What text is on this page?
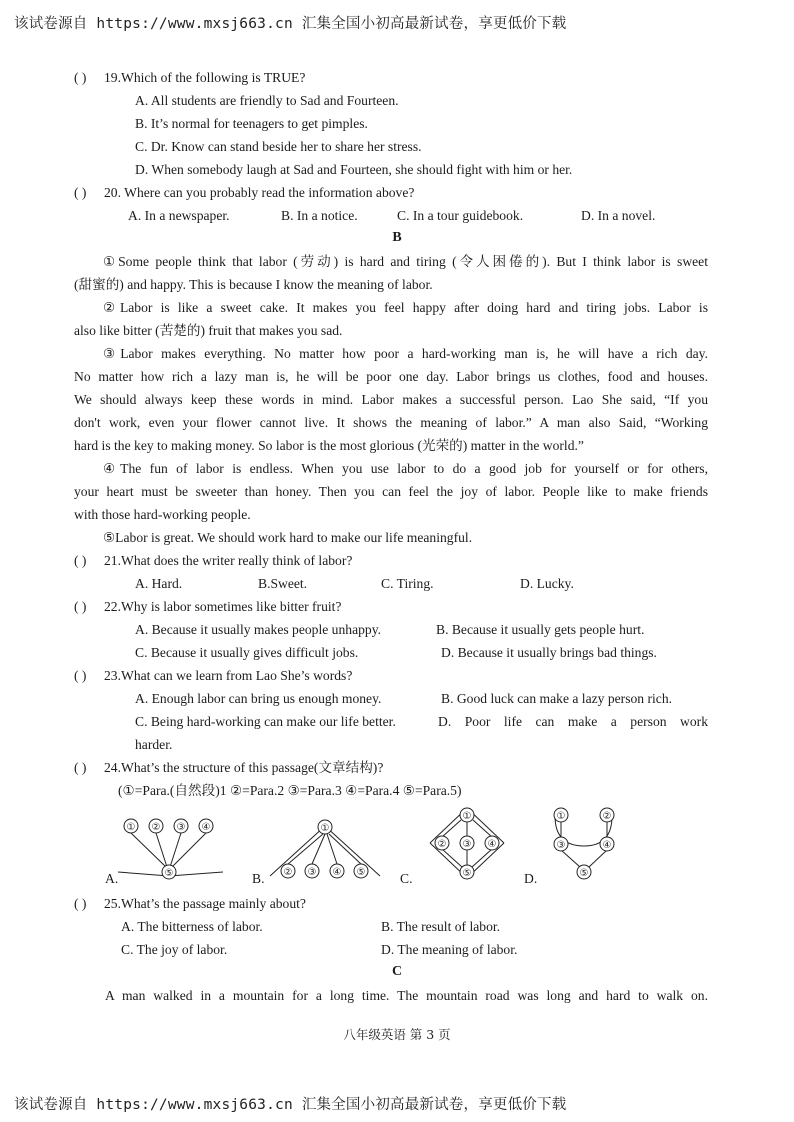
该试卷源自 https://www.mxsj663.cn 汇集全国小初高最新试卷，享更低价下载
( ) 19.Which of the following is TRUE?
A. All students are friendly to Sad and Fourteen.
B. It’s normal for teenagers to get pimples.
C. Dr. Know can stand beside her to share her stress.
D. When somebody laugh at Sad and Fourteen, she should fight with him or her.
( ) 20. Where can you probably read the information above?
A. In a newspaper.	B. In a notice.	C. In a tour guidebook.	D. In a novel.
B
①Some people think that labor (劳动) is hard and tiring (令人困倦的). But I think labor is sweet
(甜蜜的) and happy. This is because I know the meaning of labor.
②Labor is like a sweet cake. It makes you feel happy after doing hard and tiring jobs. Labor is
also like bitter (苦楚的) fruit that makes you sad.
③Labor makes everything. No matter how poor a hard-working man is, he will have a rich day.
No matter how rich a lazy man is, he will be poor one day. Labor brings us clothes, food and houses.
We should always keep these words in mind. Labor makes a successful person. Lao She said, “If you
don't work, even your flower cannot live. It shows the meaning of labor.” A man also Said, “Working
hard is the key to making money. So labor is the most glorious (光荣的) matter in the world.”
④The fun of labor is endless. When you use labor to do a good job for yourself or for others,
your heart must be sweeter than honey. Then you can feel the joy of labor. People like to make friends
with those hard-working people.
⑤Labor is great. We should work hard to make our life meaningful.
( ) 21.What does the writer really think of labor?
A. Hard.	B.Sweet.	C. Tiring.	D. Lucky.
( ) 22.Why is labor sometimes like bitter fruit?
A. Because it usually makes people unhappy.	B. Because it usually gets people hurt.
C. Because it usually gives difficult jobs.	D. Because it usually brings bad things.
( ) 23.What can we learn from Lao She’s words?
A. Enough labor can bring us enough money.	B. Good luck can make a lazy person rich.
C. Being hard-working can make our life better.	D. Poor life can make a person work
harder.
( ) 24.What’s the structure of this passage(文章结构)?
(①=Para.(自然段)1 ②=Para.2 ③=Para.3 ④=Para.4 ⑤=Para.5)
① ② ③ ④
⑤
①
② ③ ④ ⑤
①
② ③ ④
⑤
①	②
③	④
⑤
A.	B.	C.	D.
( ) 25.What’s the passage mainly about?
A. The bitterness of labor.	B. The result of labor.
C. The joy of labor.	D. The meaning of labor.
C
A man walked in a mountain for a long time. The mountain road was long and hard to walk on.
八年级英语 第 3 页
该试卷源自 https://www.mxsj663.cn 汇集全国小初高最新试卷，享更低价下载
